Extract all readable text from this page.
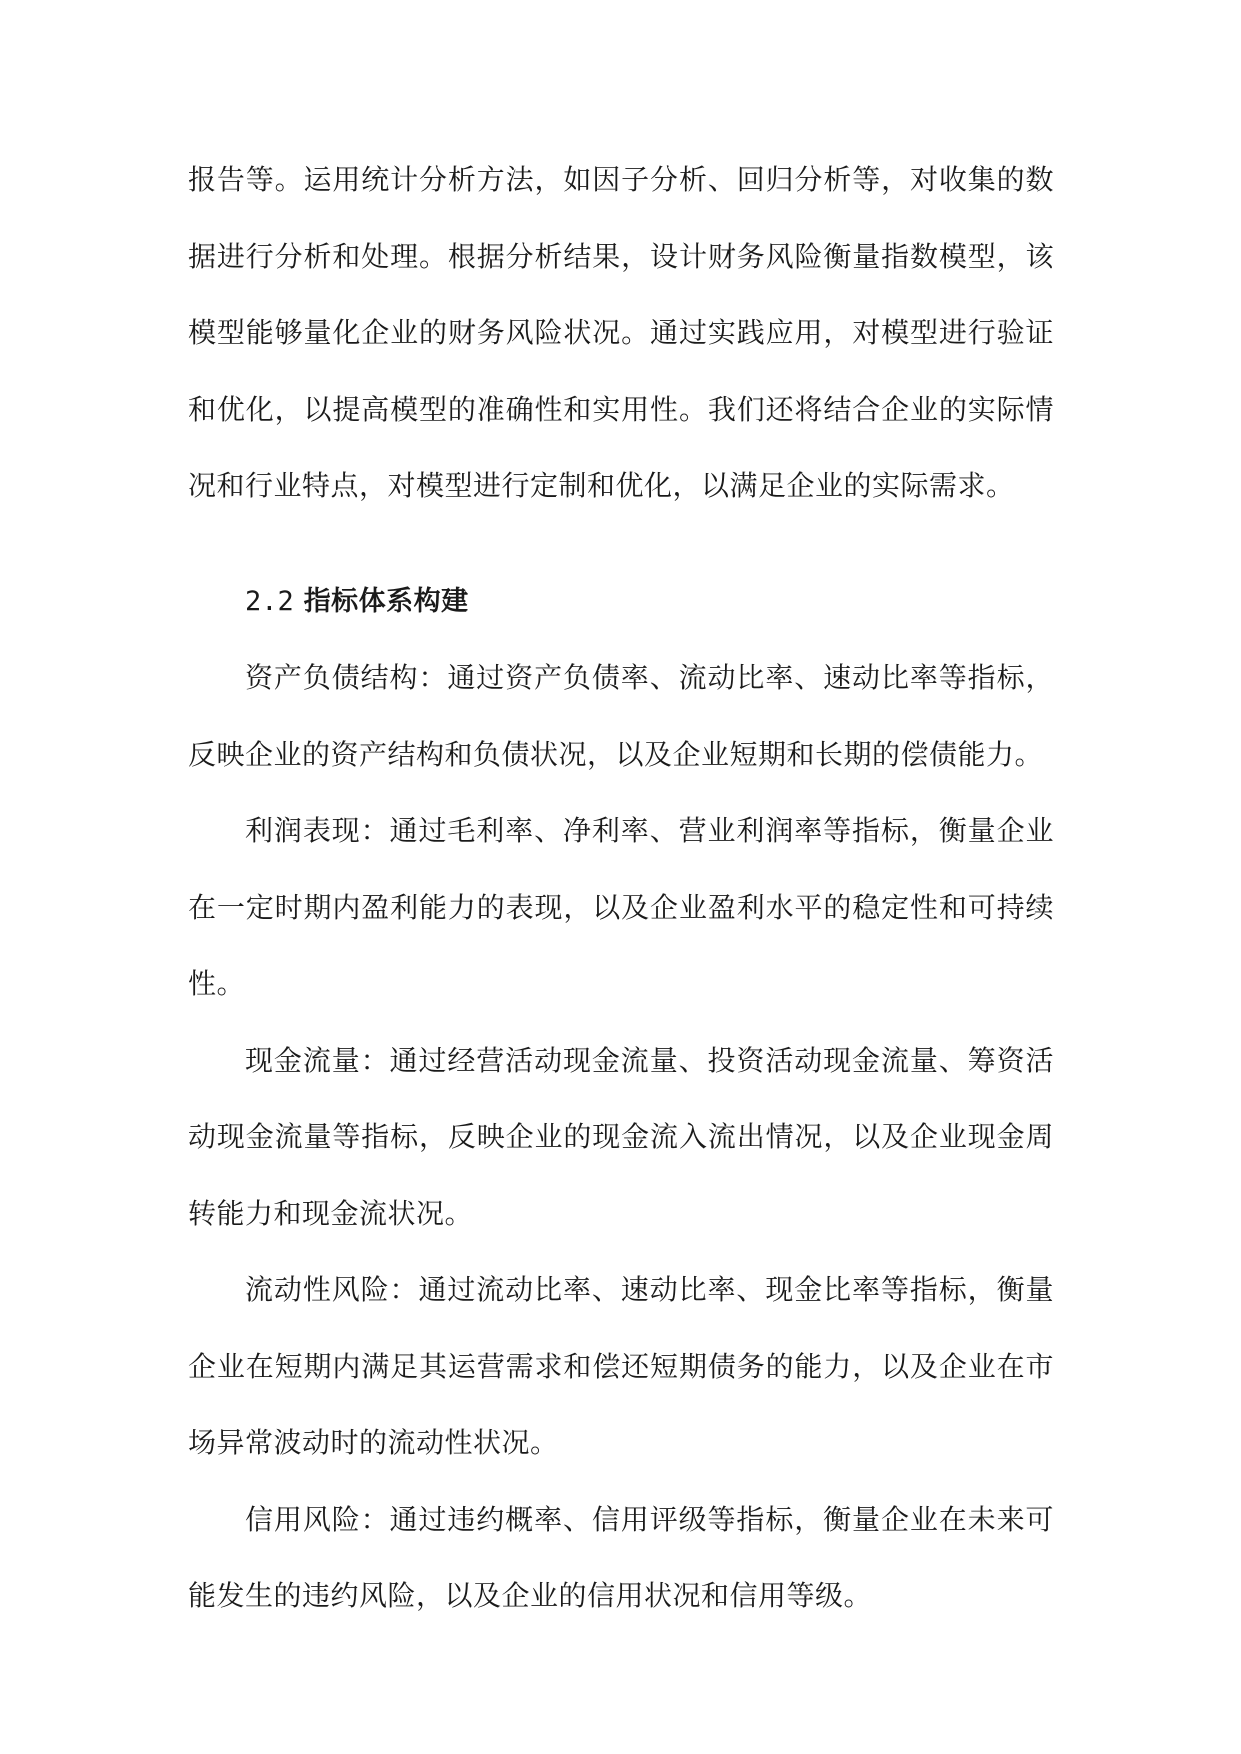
报告等。运用统计分析方法，如因子分析、回归分析等，对收集的数据进行分析和处理。根据分析结果，设计财务风险衡量指数模型，该模型能够量化企业的财务风险状况。通过实践应用，对模型进行验证和优化，以提高模型的准确性和实用性。我们还将结合企业的实际情况和行业特点，对模型进行定制和优化，以满足企业的实际需求。

2.2 指标体系构建

资产负债结构：通过资产负债率、流动比率、速动比率等指标，反映企业的资产结构和负债状况，以及企业短期和长期的偿债能力。

利润表现：通过毛利率、净利率、营业利润率等指标，衡量企业在一定时期内盈利能力的表现，以及企业盈利水平的稳定性和可持续性。

现金流量：通过经营活动现金流量、投资活动现金流量、筹资活动现金流量等指标，反映企业的现金流入流出情况，以及企业现金周转能力和现金流状况。

流动性风险：通过流动比率、速动比率、现金比率等指标，衡量企业在短期内满足其运营需求和偿还短期债务的能力，以及企业在市场异常波动时的流动性状况。

信用风险：通过违约概率、信用评级等指标，衡量企业在未来可能发生的违约风险，以及企业的信用状况和信用等级。
